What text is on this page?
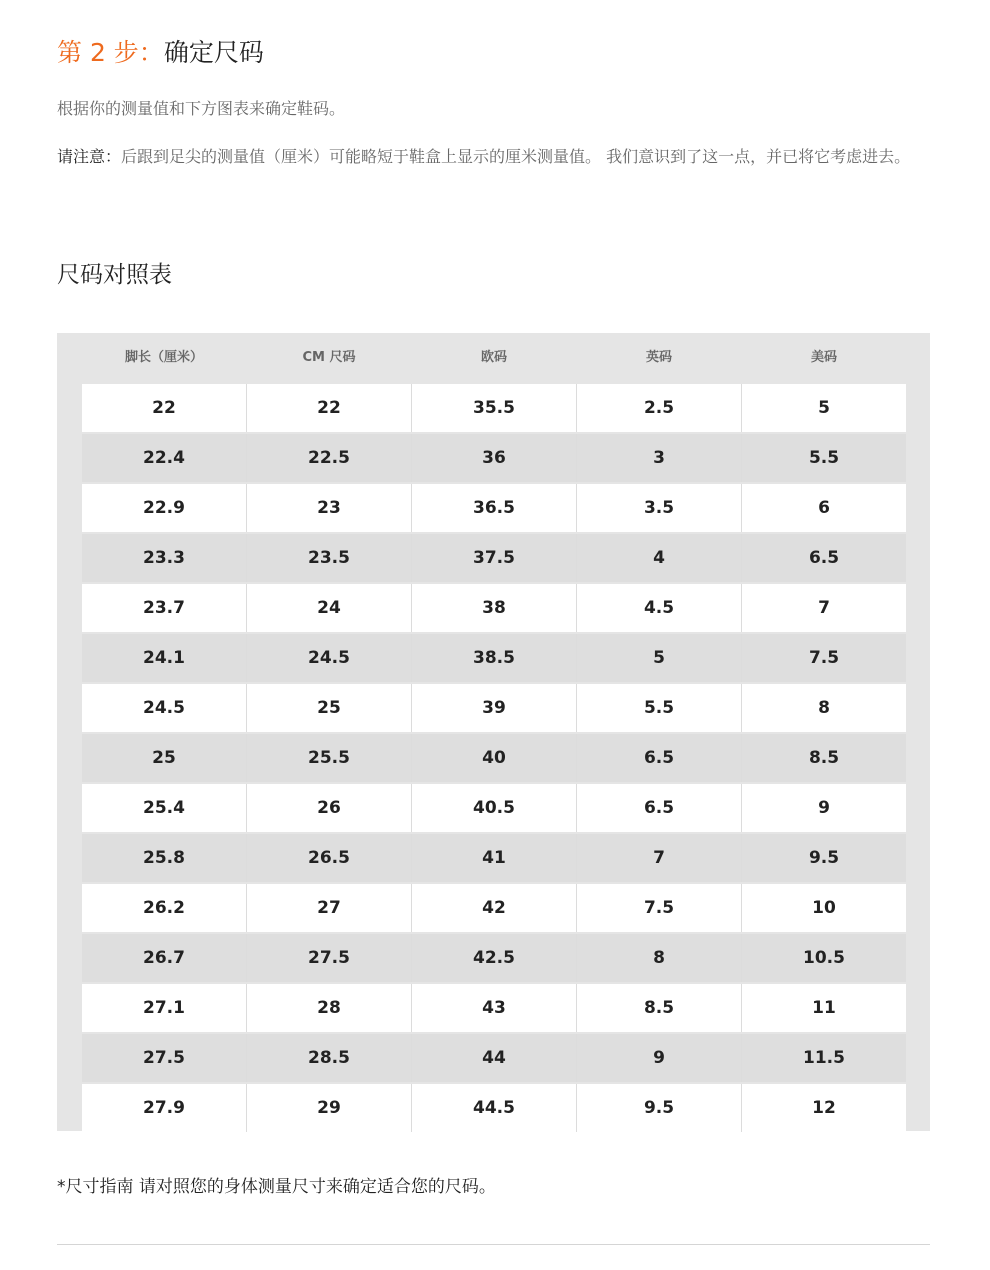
第 2 步：确定尺码
根据你的测量值和下方图表来确定鞋码。
请注意：后跟到足尖的测量值（厘米）可能略短于鞋盒上显示的厘米测量值。 我们意识到了这一点，并已将它考虑进去。
尺码对照表
脚长（厘米）	CM 尺码	欧码	英码	美码
22	22	35.5	2.5	5
22.4	22.5	36	3	5.5
22.9	23	36.5	3.5	6
23.3	23.5	37.5	4	6.5
23.7	24	38	4.5	7
24.1	24.5	38.5	5	7.5
24.5	25	39	5.5	8
25	25.5	40	6.5	8.5
25.4	26	40.5	6.5	9
25.8	26.5	41	7	9.5
26.2	27	42	7.5	10
26.7	27.5	42.5	8	10.5
27.1	28	43	8.5	11
27.5	28.5	44	9	11.5
27.9	29	44.5	9.5	12
*尺寸指南 请对照您的身体测量尺寸来确定适合您的尺码。
